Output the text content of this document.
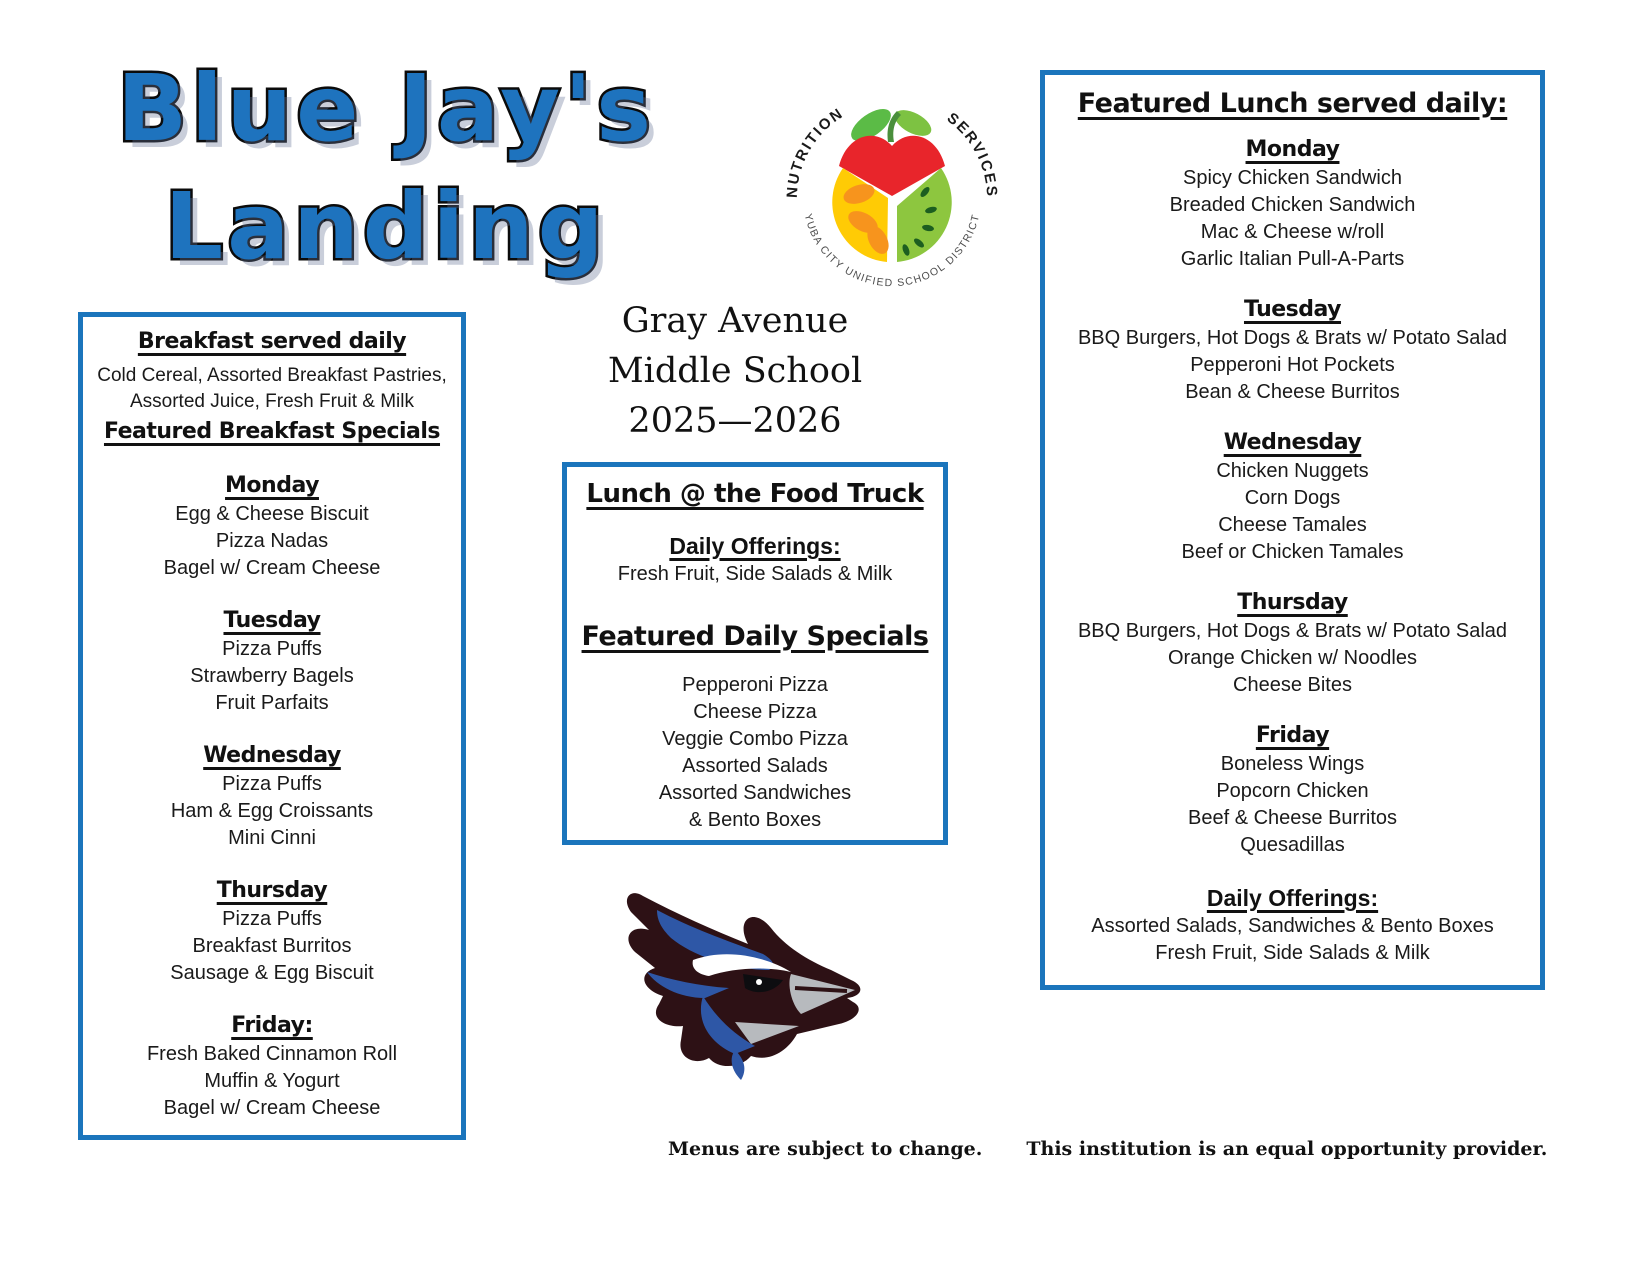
Blue Jay's
Landing	NUTRITION	SERVICES
YUBA CITY UNIFIED SCHOOL DISTRICT
Gray Avenue
Middle School
2025—2026
Breakfast served daily
Cold Cereal, Assorted Breakfast Pastries,
Assorted Juice, Fresh Fruit & Milk
Featured Breakfast Specials
Monday
Egg & Cheese Biscuit
Pizza Nadas
Bagel w/ Cream Cheese
Tuesday
Pizza Puffs
Strawberry Bagels
Fruit Parfaits
Wednesday
Pizza Puffs
Ham & Egg Croissants
Mini Cinni
Thursday
Pizza Puffs
Breakfast Burritos
Sausage & Egg Biscuit
Friday:
Fresh Baked Cinnamon Roll
Muffin & Yogurt
Bagel w/ Cream Cheese
Lunch @ the Food Truck
Daily Offerings:
Fresh Fruit, Side Salads & Milk
Featured Daily Specials
Pepperoni Pizza
Cheese Pizza
Veggie Combo Pizza
Assorted Salads
Assorted Sandwiches
& Bento Boxes
Featured Lunch served daily:
Monday
Spicy Chicken Sandwich
Breaded Chicken Sandwich
Mac & Cheese w/roll
Garlic Italian Pull-A-Parts
Tuesday
BBQ Burgers, Hot Dogs & Brats w/ Potato Salad
Pepperoni Hot Pockets
Bean & Cheese Burritos
Wednesday
Chicken Nuggets
Corn Dogs
Cheese Tamales
Beef or Chicken Tamales
Thursday
BBQ Burgers, Hot Dogs & Brats w/ Potato Salad
Orange Chicken w/ Noodles
Cheese Bites
Friday
Boneless Wings
Popcorn Chicken
Beef & Cheese Burritos
Quesadillas
Daily Offerings:
Assorted Salads, Sandwiches & Bento Boxes
Fresh Fruit, Side Salads & Milk
Menus are subject to change. This institution is an equal opportunity provider.
